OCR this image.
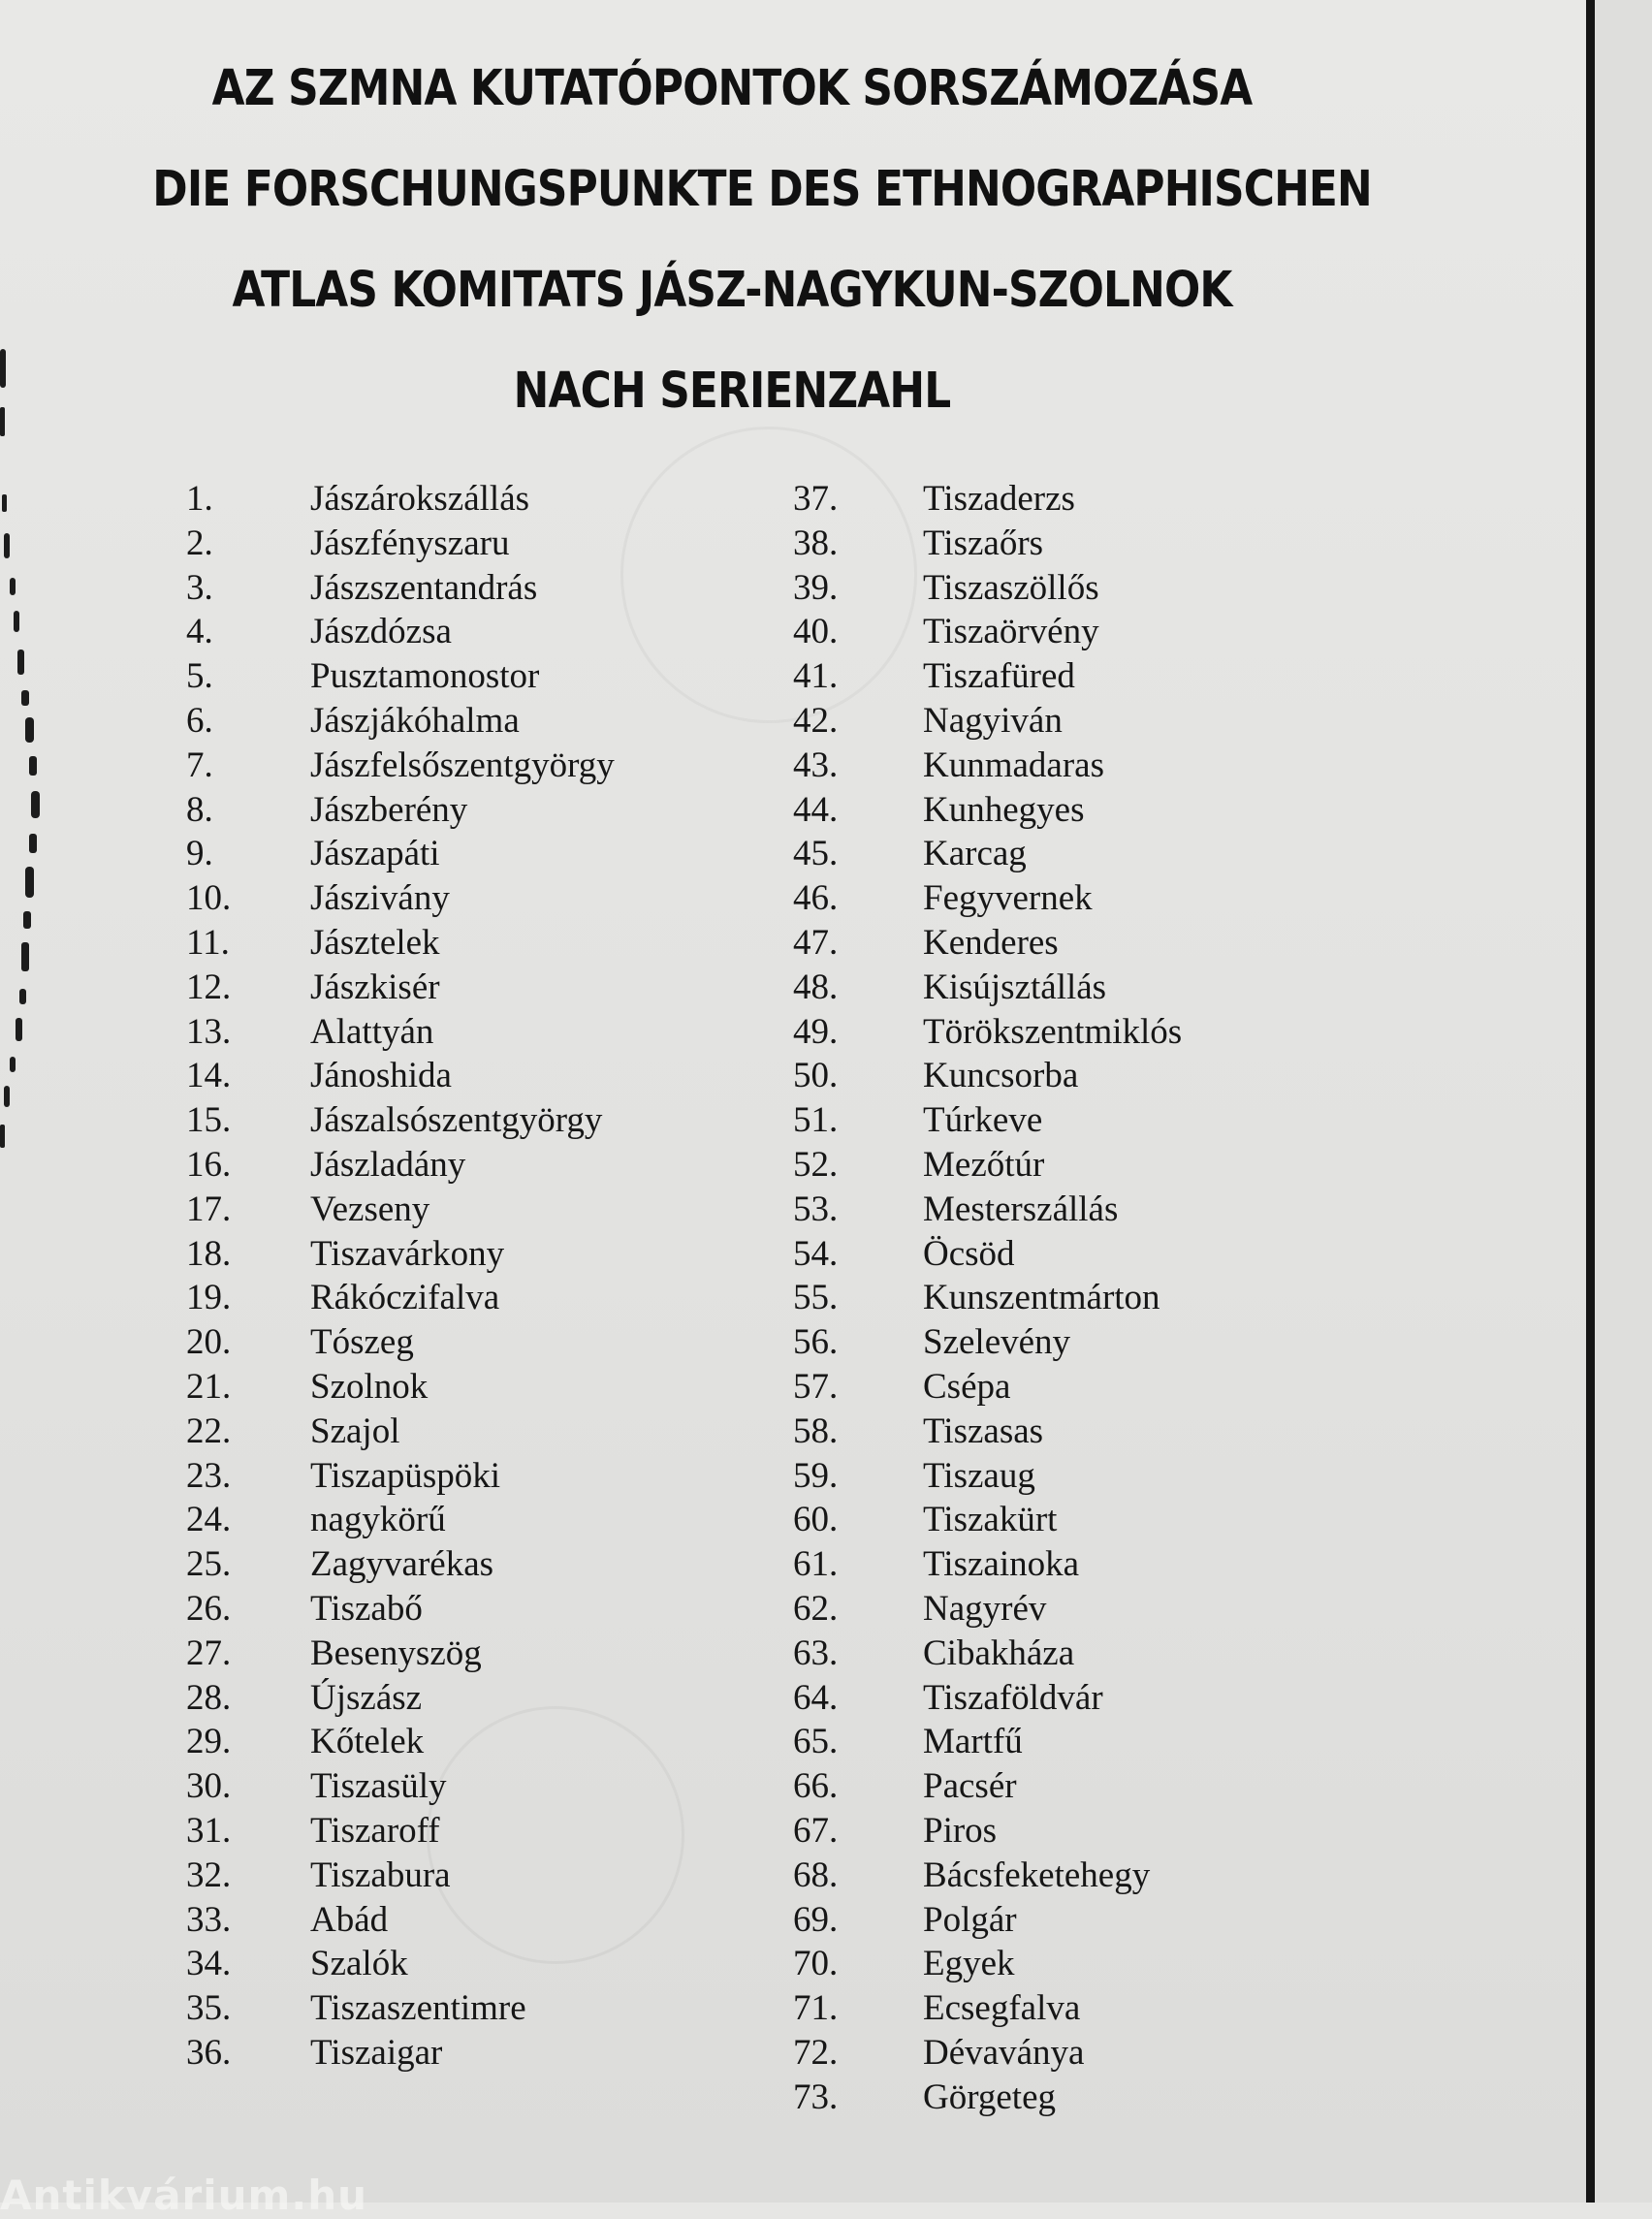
AZ SZMNA KUTATÓPONTOK SORSZÁMOZÁSA
DIE FORSCHUNGSPUNKTE DES ETHNOGRAPHISCHEN
ATLAS KOMITATS JÁSZ-NAGYKUN-SZOLNOK
NACH SERIENZAHL
1.	Jászárokszállás
2.	Jászfényszaru
3.	Jászszentandrás
4.	Jászdózsa
5.	Pusztamonostor
6.	Jászjákóhalma
7.	Jászfelsőszentgyörgy
8.	Jászberény
9.	Jászapáti
10. Jászivány
11. Jásztelek
12. Jászkisér
13. Alattyán
14. Jánoshida
15. Jászalsószentgyörgy
16. Jászladány
17. Vezseny
18. Tiszavárkony
19. Rákóczifalva
20. Tószeg
21. Szolnok
22. Szajol
23. Tiszapüspöki
24. nagykörű
25. Zagyvarékas
26. Tiszabő
27. Besenyszög
28. Újszász
29. Kőtelek
30. Tiszasüly
31. Tiszaroff
32. Tiszabura
33. Abád
34. Szalók
35. Tiszaszentimre
36. Tiszaigar
37. Tiszaderzs
38. Tiszaőrs
39. Tiszaszöllős
40. Tiszaörvény
41. Tiszafüred
42. Nagyiván
43. Kunmadaras
44. Kunhegyes
45. Karcag
46. Fegyvernek
47. Kenderes
48. Kisújsztállás
49. Törökszentmiklós
50. Kuncsorba
51. Túrkeve
52. Mezőtúr
53. Mesterszállás
54. Öcsöd
55. Kunszentmárton
56. Szelevény
57. Csépa
58. Tiszasas
59. Tiszaug
60. Tiszakürt
61. Tiszainoka
62. Nagyrév
63. Cibakháza
64. Tiszaföldvár
65. Martfű
66. Pacsér
67. Piros
68. Bácsfeketehegy
69. Polgár
70. Egyek
71. Ecsegfalva
72. Dévaványa
73. Görgeteg
Antikvárium.hu
